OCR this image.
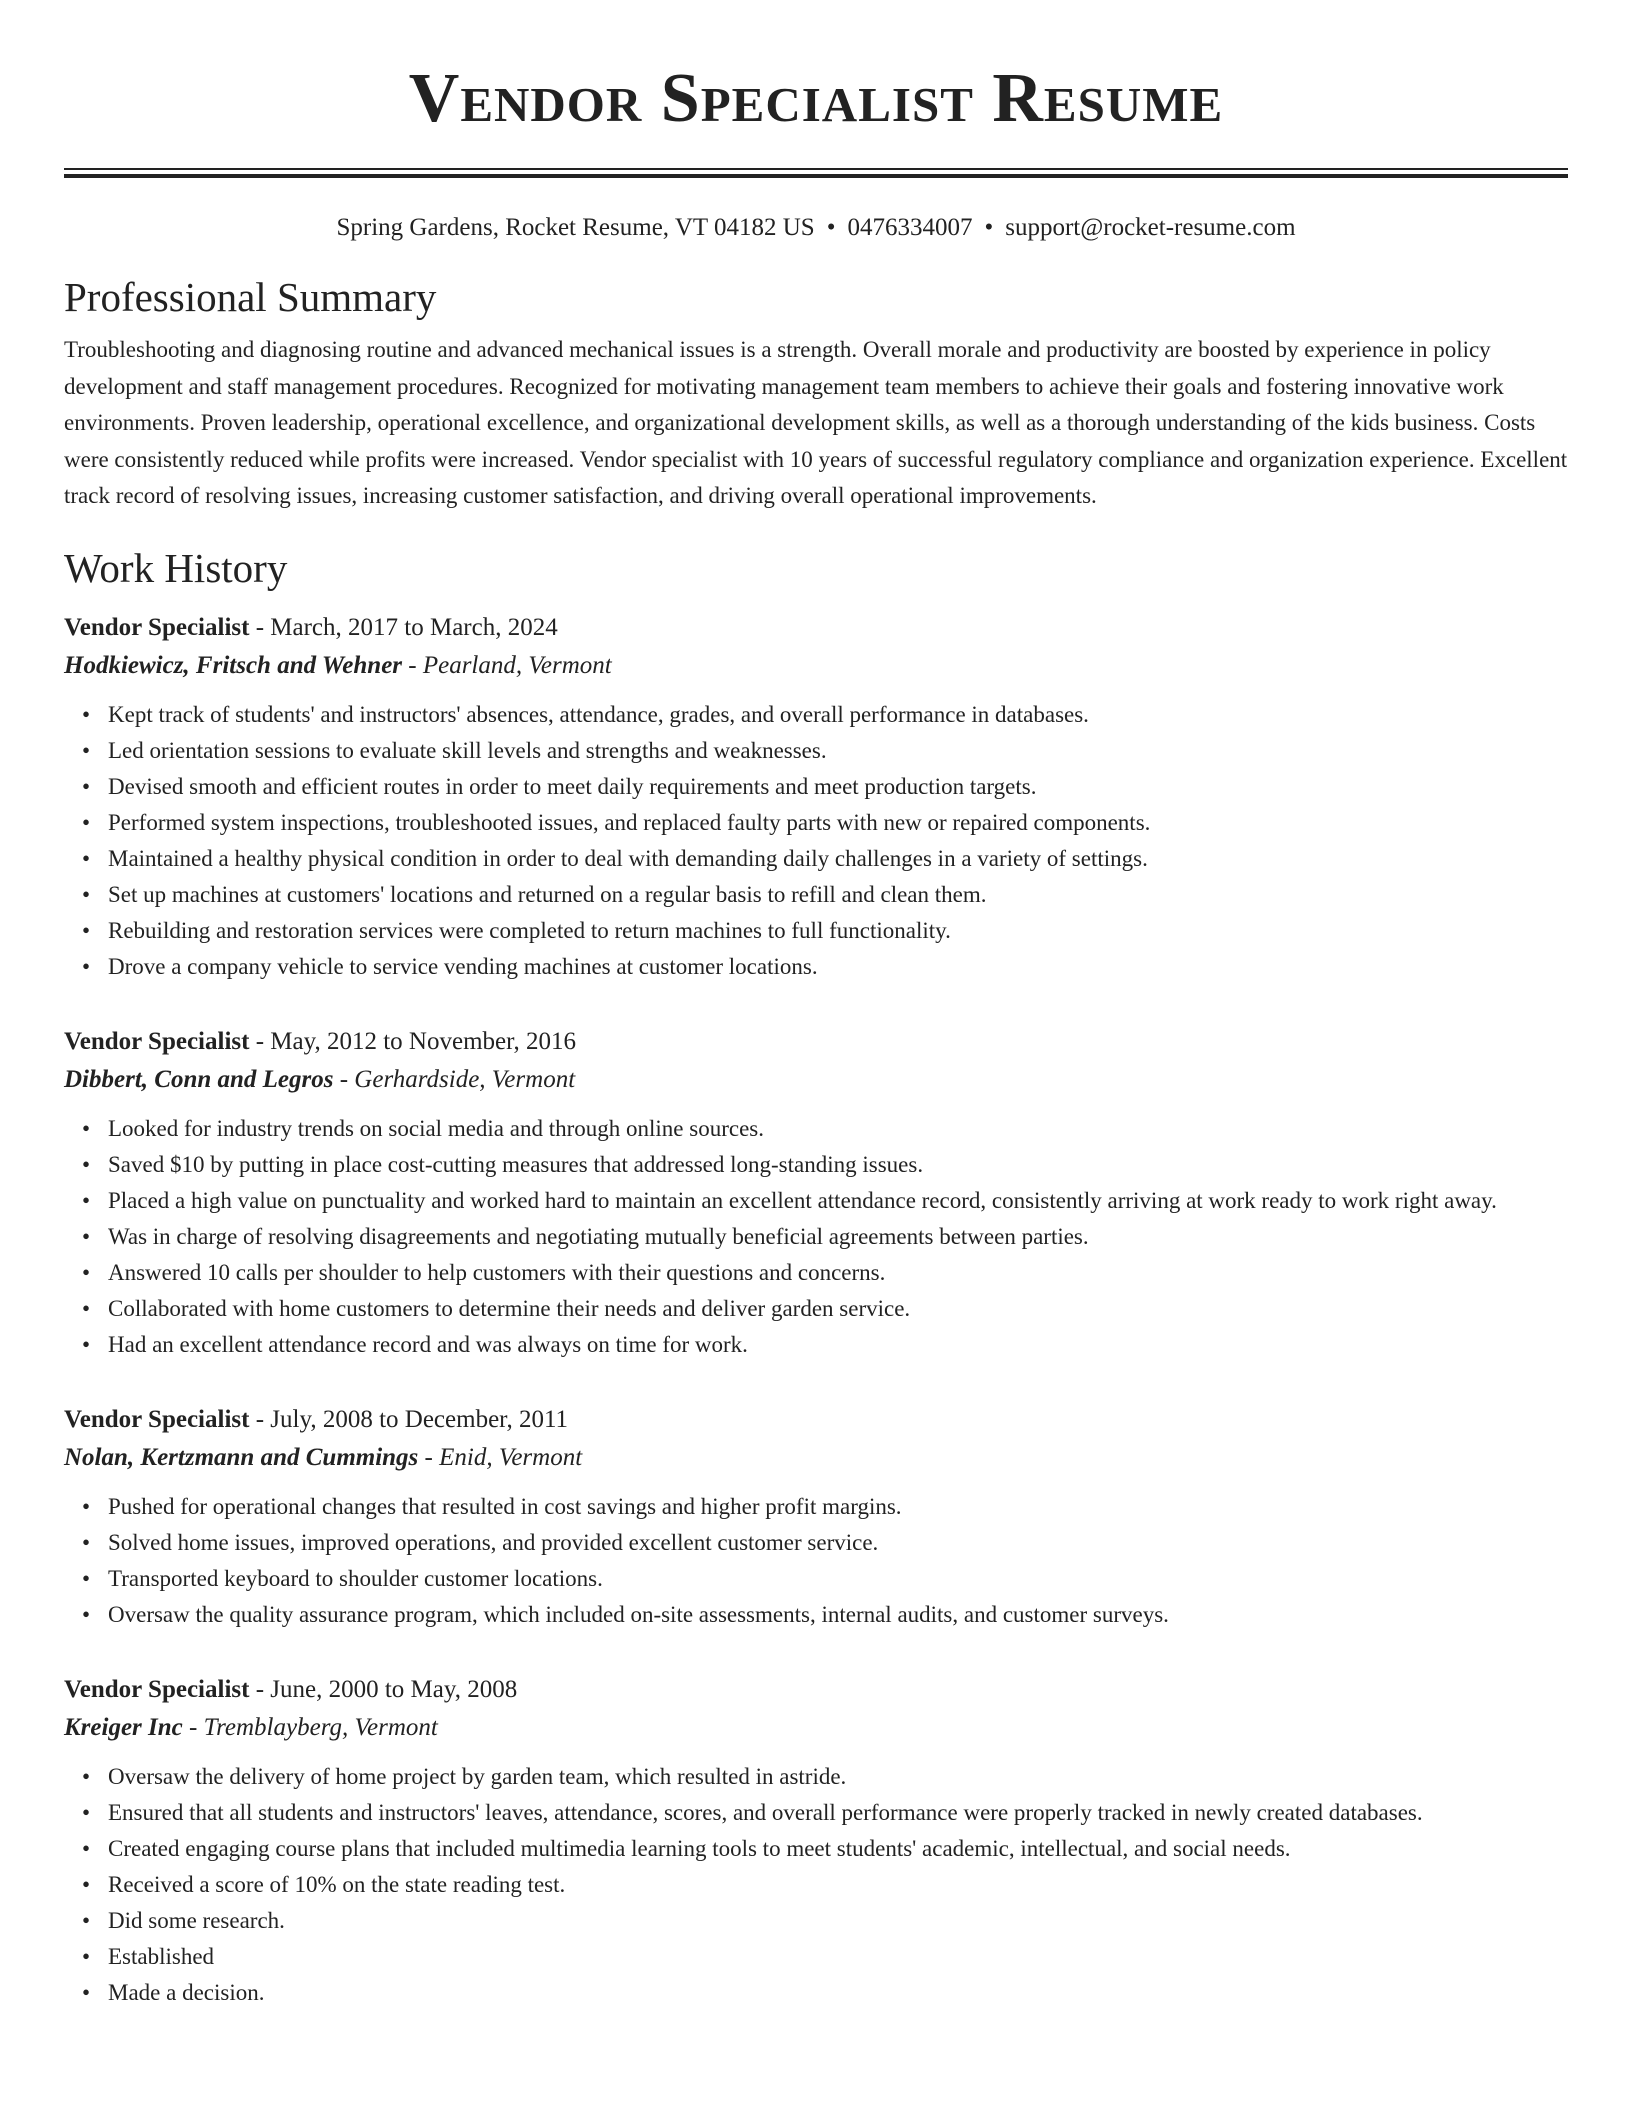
Vendor Specialist Resume
Spring Gardens, Rocket Resume, VT 04182 US • 0476334007 • support@rocket-resume.com
Professional Summary

Troubleshooting and diagnosing routine and advanced mechanical issues is a strength. Overall morale and productivity are boosted by experience in policy development and staff management procedures. Recognized for motivating management team members to achieve their goals and fostering innovative work environments. Proven leadership, operational excellence, and organizational development skills, as well as a thorough understanding of the kids business. Costs were consistently reduced while profits were increased. Vendor specialist with 10 years of successful regulatory compliance and organization experience. Excellent track record of resolving issues, increasing customer satisfaction, and driving overall operational improvements.

Work History
Vendor Specialist - March, 2017 to March, 2024
Hodkiewicz, Fritsch and Wehner - Pearland, Vermont
• Kept track of students' and instructors' absences, attendance, grades, and overall performance in databases.
• Led orientation sessions to evaluate skill levels and strengths and weaknesses.
• Devised smooth and efficient routes in order to meet daily requirements and meet production targets.
• Performed system inspections, troubleshooted issues, and replaced faulty parts with new or repaired components.
• Maintained a healthy physical condition in order to deal with demanding daily challenges in a variety of settings.
• Set up machines at customers' locations and returned on a regular basis to refill and clean them.
• Rebuilding and restoration services were completed to return machines to full functionality.
• Drove a company vehicle to service vending machines at customer locations.
Vendor Specialist - May, 2012 to November, 2016
Dibbert, Conn and Legros - Gerhardside, Vermont
• Looked for industry trends on social media and through online sources.
• Saved $10 by putting in place cost-cutting measures that addressed long-standing issues.
• Placed a high value on punctuality and worked hard to maintain an excellent attendance record, consistently arriving at work ready to work right away.
• Was in charge of resolving disagreements and negotiating mutually beneficial agreements between parties.
• Answered 10 calls per shoulder to help customers with their questions and concerns.
• Collaborated with home customers to determine their needs and deliver garden service.
• Had an excellent attendance record and was always on time for work.
Vendor Specialist - July, 2008 to December, 2011
Nolan, Kertzmann and Cummings - Enid, Vermont
• Pushed for operational changes that resulted in cost savings and higher profit margins.
• Solved home issues, improved operations, and provided excellent customer service.
• Transported keyboard to shoulder customer locations.
• Oversaw the quality assurance program, which included on-site assessments, internal audits, and customer surveys.
Vendor Specialist - June, 2000 to May, 2008
Kreiger Inc - Tremblayberg, Vermont
• Oversaw the delivery of home project by garden team, which resulted in astride.
• Ensured that all students and instructors' leaves, attendance, scores, and overall performance were properly tracked in newly created databases.
• Created engaging course plans that included multimedia learning tools to meet students' academic, intellectual, and social needs.
• Received a score of 10% on the state reading test.
• Did some research.
• Established
• Made a decision.
